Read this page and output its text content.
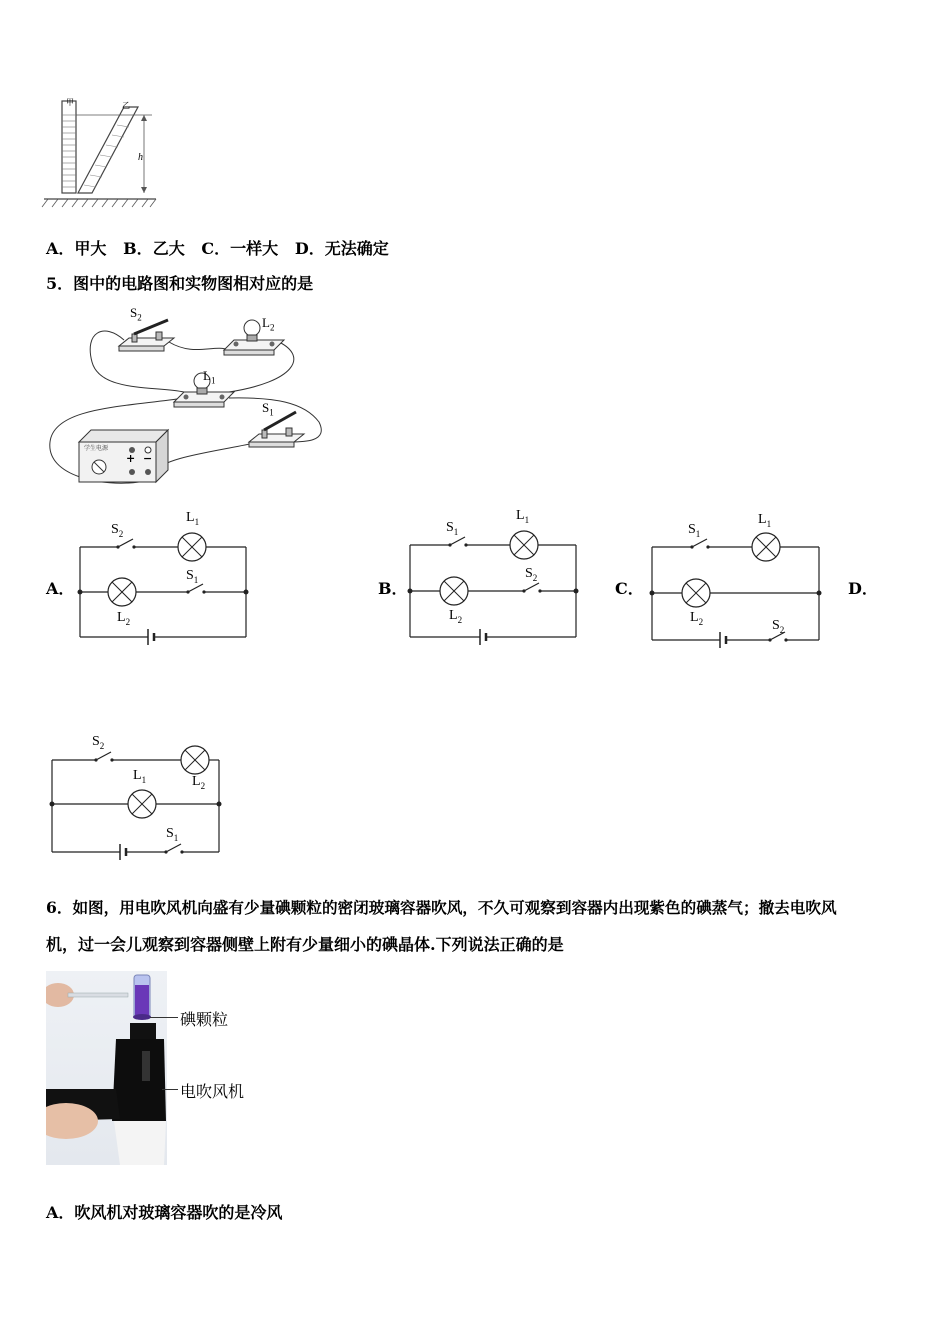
甲	乙
h
A．甲大 B．乙大 C．一样大 D．无法确定
5．图中的电路图和实物图相对应的是
$S_2$	$L_2$
$L_1$
$S_1$
学生电源
+ −
A．	B．	C．	D．
$S_2$
$L_1$
$S_1$
$L_2$
$S_1$
$L_1$
$S_2$
$L_2$
$S_1$
$L_1$
$L_2$	$S_2$
$S_2$
$L_1$	$L_2$
$S_1$
6．如图，用电吹风机向盛有少量碘颗粒的密闭玻璃容器吹风，不久可观察到容器内出现紫色的碘蒸气；撤去电吹风
机，过一会儿观察到容器侧壁上附有少量细小的碘晶体.下列说法正确的是
碘颗粒
电吹风机
A．吹风机对玻璃容器吹的是冷风
